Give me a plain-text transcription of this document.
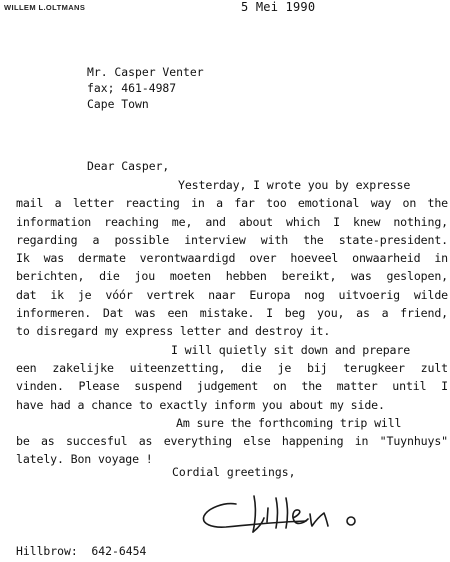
WILLEM L.OLTMANS	5 Mei 1990
Mr. Casper Venter
fax; 461-4987
Cape Town
Dear Casper,
Yesterday, I wrote you by expresse
mail a letter reacting in a far too emotional way on the
information reaching me, and about which I knew nothing,
regarding a possible interview with the state-president.
Ik was dermate verontwaardigd over hoeveel onwaarheid in
berichten, die jou moeten hebben bereikt, was geslopen,
dat ik je vóór vertrek naar Europa nog uitvoerig wilde
informeren. Dat was een mistake. I beg you, as a friend,
to disregard my express letter and destroy it.
I will quietly sit down and prepare
een zakelijke uiteenzetting, die je bij terugkeer zult
vinden. Please suspend judgement on the matter until I
have had a chance to exactly inform you about my side.
Am sure the forthcoming trip will
be as succesful as everything else happening in "Tuynhuys"
lately. Bon voyage !
Cordial greetings,
Hillbrow:  642-6454
